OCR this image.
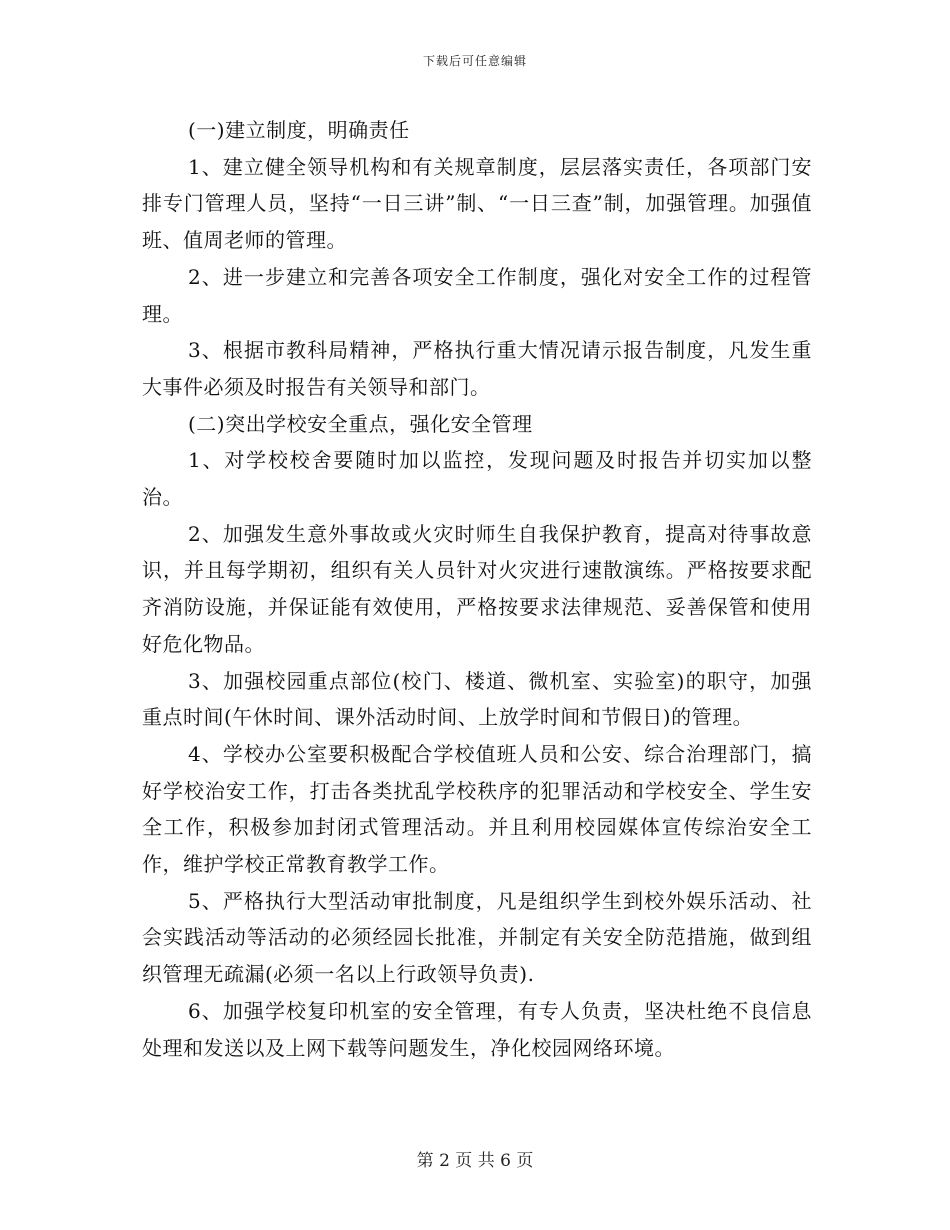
下载后可任意编辑

(一)建立制度，明确责任

1、建立健全领导机构和有关规章制度，层层落实责任，各项部门安排专门管理人员，坚持“一日三讲”制、“一日三查”制，加强管理。加强值班、值周老师的管理。

2、进一步建立和完善各项安全工作制度，强化对安全工作的过程管理。

3、根据市教科局精神，严格执行重大情况请示报告制度，凡发生重大事件必须及时报告有关领导和部门。

(二)突出学校安全重点，强化安全管理

1、对学校校舍要随时加以监控，发现问题及时报告并切实加以整治。

2、加强发生意外事故或火灾时师生自我保护教育，提高对待事故意识，并且每学期初，组织有关人员针对火灾进行速散演练。严格按要求配齐消防设施，并保证能有效使用，严格按要求法律规范、妥善保管和使用好危化物品。

3、加强校园重点部位(校门、楼道、微机室、实验室)的职守，加强重点时间(午休时间、课外活动时间、上放学时间和节假日)的管理。

4、学校办公室要积极配合学校值班人员和公安、综合治理部门，搞好学校治安工作，打击各类扰乱学校秩序的犯罪活动和学校安全、学生安全工作，积极参加封闭式管理活动。并且利用校园媒体宣传综治安全工作，维护学校正常教育教学工作。

5、严格执行大型活动审批制度，凡是组织学生到校外娱乐活动、社会实践活动等活动的必须经园长批准，并制定有关安全防范措施，做到组织管理无疏漏(必须一名以上行政领导负责).

6、加强学校复印机室的安全管理，有专人负责，坚决杜绝不良信息处理和发送以及上网下载等问题发生，净化校园网络环境。

第 2 页 共 6 页
